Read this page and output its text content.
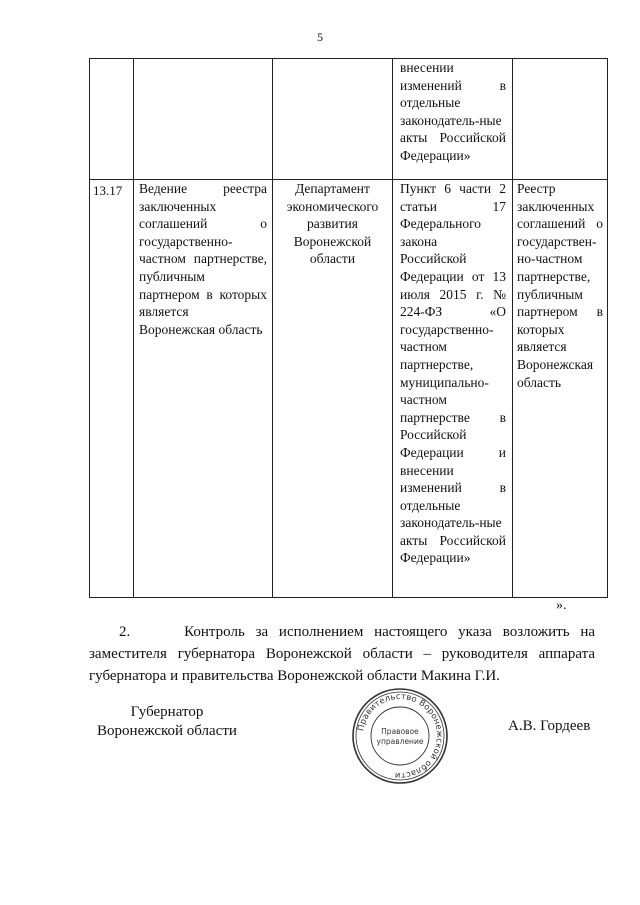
5

			внесении изменений в отдельные законодатель-ные акты Российской Федерации»	

13.17	Ведение реестра заключенных соглашений о государственно-частном партнерстве, публичным партнером в которых является Воронежская область	Департамент экономического развития Воронежской области	Пункт 6 части 2 статьи 17 Федерального закона Российской Федерации от 13 июля 2015 г. № 224-ФЗ «О государственно-частном партнерстве, муниципально-частном партнерстве в Российской Федерации и внесении изменений в отдельные законодатель-ные акты Российской Федерации»	Реестр заключенных соглашений о государствен-но-частном партнерстве, публичным партнером в которых является Воронежская область
».
2.	Контроль за исполнением настоящего указа возложить на заместителя губернатора Воронежской области – руководителя аппарата губернатора и правительства Воронежской области Макина Г.И.
Губернатор
Воронежской области	Правительство Воронежской области
Правовое
управление
А.В. Гордеев
